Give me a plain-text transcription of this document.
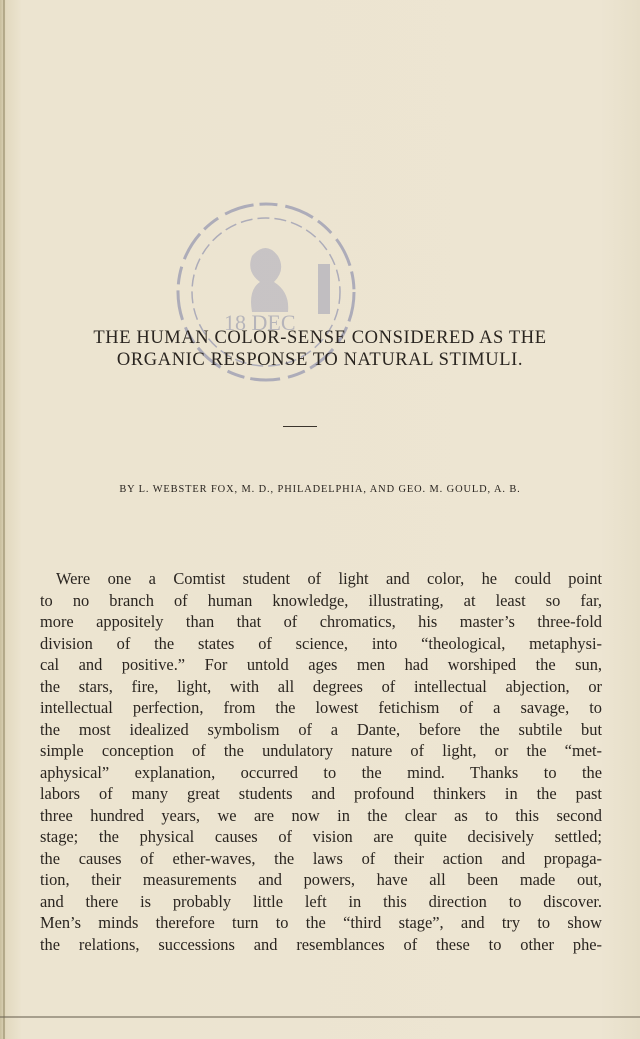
18 DEC
THE HUMAN COLOR-SENSE CONSIDERED AS THE
ORGANIC RESPONSE TO NATURAL STIMULI.

BY L. WEBSTER FOX, M. D., PHILADELPHIA, AND GEO. M. GOULD, A. B.

Were one a Comtist student of light and color, he could point
to no branch of human knowledge, illustrating, at least so far,
more appositely than that of chromatics, his master’s three-fold
division of the states of science, into “theological, metaphysi-
cal and positive.” For untold ages men had worshiped the sun,
the stars, fire, light, with all degrees of intellectual abjection, or
intellectual perfection, from the lowest fetichism of a savage, to
the most idealized symbolism of a Dante, before the subtile but
simple conception of the undulatory nature of light, or the “met-
aphysical” explanation, occurred to the mind. Thanks to the
labors of many great students and profound thinkers in the past
three hundred years, we are now in the clear as to this second
stage; the physical causes of vision are quite decisively settled;
the causes of ether-waves, the laws of their action and propaga-
tion, their measurements and powers, have all been made out,
and there is probably little left in this direction to discover.
Men’s minds therefore turn to the “third stage”, and try to show
the relations, successions and resemblances of these to other phe-
